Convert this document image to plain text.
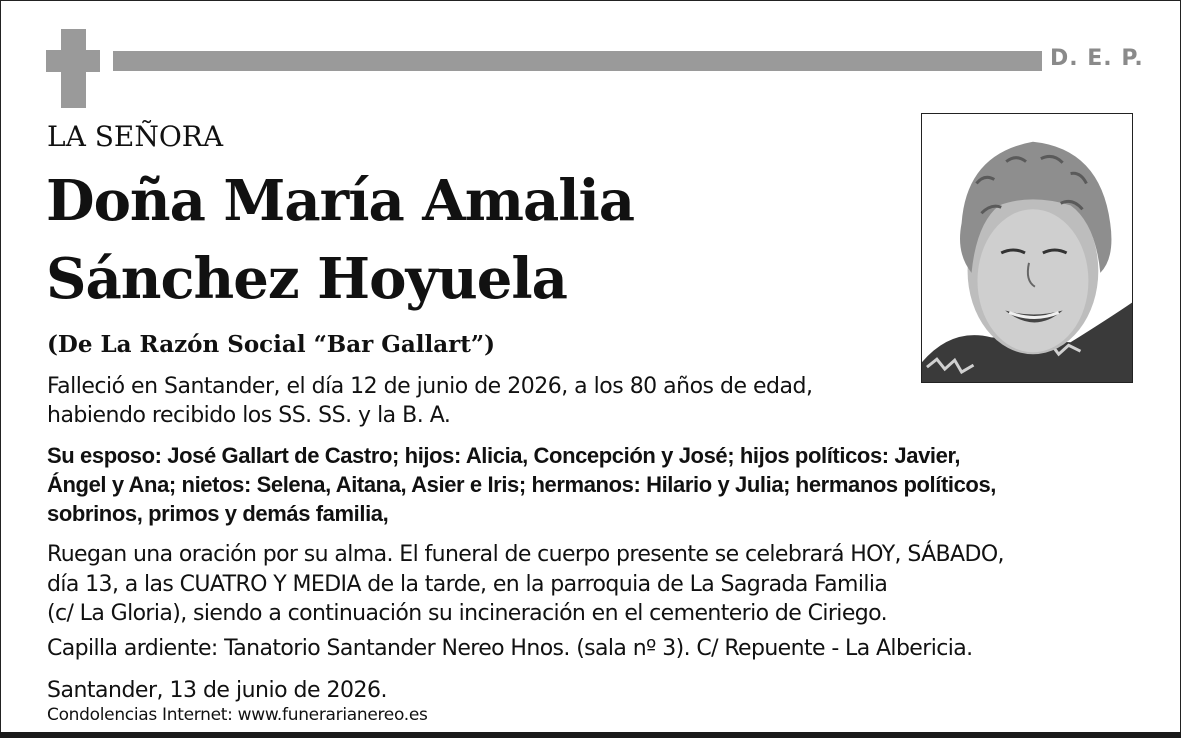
D. E. P.
LA SEÑORA
Doña María Amalia
Sánchez Hoyuela
(De La Razón Social “Bar Gallart”)
Falleció en Santander, el día 12 de junio de 2026, a los 80 años de edad,
habiendo recibido los SS. SS. y la B. A.
Su esposo: José Gallart de Castro; hijos: Alicia, Concepción y José; hijos políticos: Javier,
Ángel y Ana; nietos: Selena, Aitana, Asier e Iris; hermanos: Hilario y Julia; hermanos políticos,
sobrinos, primos y demás familia,
Ruegan una oración por su alma. El funeral de cuerpo presente se celebrará HOY, SÁBADO,
día 13, a las CUATRO Y MEDIA de la tarde, en la parroquia de La Sagrada Familia
(c/ La Gloria), siendo a continuación su incineración en el cementerio de Ciriego.
Capilla ardiente: Tanatorio Santander Nereo Hnos. (sala nº 3). C/ Repuente - La Albericia.
Santander, 13 de junio de 2026.
Condolencias Internet: www.funerarianereo.es
